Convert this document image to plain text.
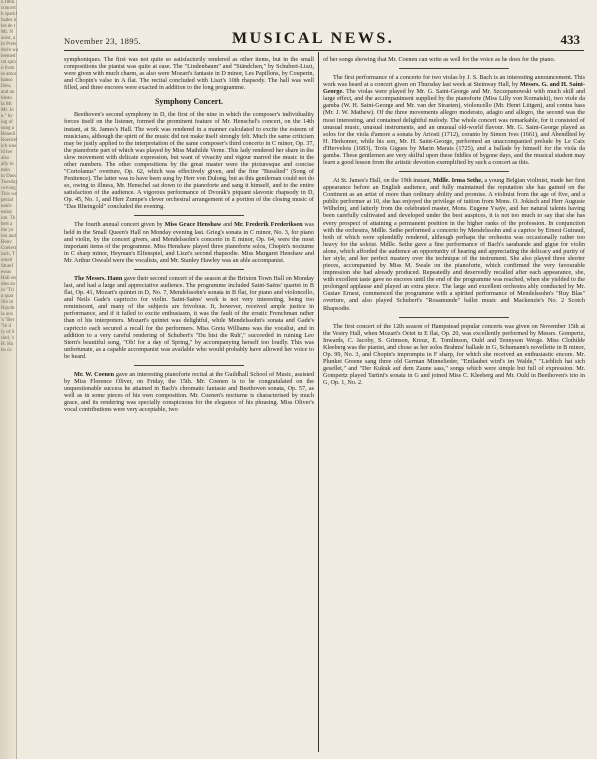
s.1866.
concert
h sparkl
hades ir
les de t
Mr. N
anist, a
lo Prele
dwin wa
leemed
ral spin
o from
re amor
hanso
Dew,
and an
bleau
la Mc
Mr. Jo
e," by
ing of
sung a
Benedi
Roeckel
ich was
ld her
also
ally in
nnin
to Dass
Tuesday
ceiving
This we
pecial
uaulv
esday
ion. Th
bert a
the yo
ion and
Bouv
Coelest
inch, T
onied
Stranf
ewas
Hall on
dies an
in "Tri
a quar
ifio in
Haydn
ia aux
's "Ber
"In d
ly of S
ried, 's
H. Ha
he co
November 23, 1895.	MUSICAL NEWS.	433

symphoniques. The first was not quite so satisfactorily rendered as other items, but in the small compositions the pianist was quite at ease. The "Lindenbaum" and "Ständchen," by Schubert-Liszt, were given with much charm, as also were Mozart's fantasie in D minor, Les Papillons, by Couperin, and Chopin's valse in A flat. The recital concluded with Liszt's 10th rhapsody. The hall was well filled, and three encores were exacted in addition to the long programme.

Symphony Concert.

Beethoven's second symphony in D, the first of the nine in which the composer's individuality forces itself on the listener, formed the prominent feature of Mr. Henschel's concert, on the 14th instant, at St. James's Hall. The work was rendered in a manner calculated to excite the esteem of musicians, although the spirit of the music did not make itself strongly felt. Much the same criticism may be justly applied to the interpretation of the same composer's third concerto in C minor, Op. 37, the pianoforte part of which was played by Miss Mathilde Verne. This lady rendered her share in the slow movement with delicate expression, but want of vivacity and vigour marred the music in the other numbers. The other compositions by the great master were the picturesque and concise "Coriolanus" overture, Op. 62, which was effectively given, and the fine "Busslied" (Song of Penitence). The latter was to have been sung by Herr von Dulong, but as this gentleman could not do so, owing to illness, Mr. Henschel sat down to the pianoforte and sang it himself, and to the entire satisfaction of the audience. A vigorous performance of Dvorák's piquant slavonic rhapsody in D, Op. 45, No. 1, and Herr Zumpe's clever orchestral arrangement of a portion of the closing music of "Das Rheingold" concluded the evening.

The fourth annual concert given by Miss Grace Henshaw and Mr. Frederik Frederiksen was held in the Small Queen's Hall on Monday evening last. Grieg's sonata in C minor, No. 3, for piano and violin, by the concert givers, and Mendelssohn's concerto in E minor, Op. 64, were the most important items of the programme. Miss Henshaw played three pianoforte solos, Chopin's nocturne in C sharp minor, Heyman's Elfenspiel, and Liszt's second rhapsodie. Miss Margaret Henshaw and Mr. Arthur Oswald were the vocalists, and Mr. Stanley Hawley was an able accompanist.

The Messrs. Hann gave their second concert of the season at the Brixton Town Hall on Monday last, and had a large and appreciative audience. The programme included Saint-Saëns' quartet in B flat, Op. 41, Mozart's quintet in D, No. 7, Mendelssohn's sonata in B flat, for piano and violoncello, and Neils Gade's capriccio for violin. Saint-Saëns' work is not very interesting, being too reminiscent, and many of the subjects are frivolous. It, however, received ample justice in performance, and if it failed to excite enthusiasm, it was the fault of the erratic Frenchman rather than of his interpreters. Mozart's quintet was delightful, while Mendelssohn's sonata and Gade's capriccio each secured a recall for the performers. Miss Greta Williams was the vocalist, and in addition to a very careful rendering of Schubert's "Du bist die Ruh'," succeeded in ruining Leo Stern's beautiful song, "Oh! for a day of Spring," by accompanying herself too loudly. This was unfortunate, as a capable accompanist was available who would probably have allowed her voice to be heard.

Mr. W. Coenen gave an interesting pianoforte recital at the Guildhall School of Music, assisted by Miss Florence Oliver, on Friday, the 15th. Mr. Coenen is to be congratulated on the unquestionable success he attained in Bach's chromatic fantasie and Beethoven sonata, Op. 57, as well as in some pieces of his own composition. Mr. Coenen's nocturne is characterised by much grace, and its rendering was specially conspicuous for the elegance of his phrasing. Miss Oliver's vocal contributions were very acceptable, two

of her songs showing that Mr. Coenen can write as well for the voice as he does for the piano.

The first performance of a concerto for two violas by J. S. Bach is an interesting announcement. This work was heard at a concert given on Thursday last week at Steinway Hall, by Messrs. G. and H. Saint-George. The violas were played by Mr. G. Saint-George and Mr. Szczepanowski with much skill and large effect, and the accompaniment supplied by the pianoforte (Miss Lilly von Kornatski), two viole da gamba (W. H. Saint-George and Mr. van der Straeten), violoncello (Mr. Henri Lütgen), and contra bass (Mr. J. W. Mathew). Of the three movements allegro moderato, adagio and allegro, the second was the most interesting, and contained delightful melody. The whole concert was remarkable, for it consisted of unusual music, unusual instruments, and an unusual old-world flavour. Mr. G. Saint-George played as solos for the viola d'amore a sonata by Ariosti (1712), coranto by Simon Ives (1661), and Abendlied by H. Herkomer, while his son, Mr. H. Saint-George, performed an unaccompanied prelude by Le Caix d'Hervelois (1683), Trois Gigues by Marin Marais (1725), and a ballade by himself for the viola da gamba. These gentlemen are very skilful upon these fiddles of bygone days, and the musical student may learn a good lesson from the artistic devotion exemplified by such a concert as this.

At St. James's Hall, on the 19th instant, Mdlle. Irma Sethe, a young Belgian violinist, made her first appearance before an English audience, and fully maintained the reputation she has gained on the Continent as an artist of more than ordinary ability and promise. A violinist from the age of five, and a public performer at 10, she has enjoyed the privilege of tuition from Mons. O. Jokisch and Herr Auguste Wilhelmj, and latterly from the celebrated master, Mons. Eugene Ysaÿe, and her natural talents having been carefully cultivated and developed under the best auspices, it is not too much to say that she has every prospect of attaining a permanent position in the higher ranks of the profession. In conjunction with the orchestra, Mdlle. Sethe performed a concerto by Mendelssohn and a caprice by Ernest Guiraud, both of which were splendidly rendered, although perhaps the orchestra was occasionally rather too heavy for the soloist. Mdlle. Sethe gave a fine performance of Bach's sarabande and gigue for violin alone, which afforded the audience an opportunity of hearing and appreciating the delicacy and purity of her style, and her perfect mastery over the technique of the instrument. She also played three shorter pieces, accompanied by Miss M. Swale on the pianoforte, which confirmed the very favourable impression she had already produced. Repeatedly and deservedly recalled after each appearance, she, with excellent taste gave no encores until the end of the programme was reached, when she yielded to the prolonged applause and played an extra piece. The large and excellent orchestra ably conducted by Mr. Gustav Ernest, commenced the programme with a spirited performance of Mendelssohn's "Ruy Blas" overture, and also played Schubert's "Rosamunde" ballet music and Mackenzie's No. 2 Scotch Rhapsodie.

The first concert of the 12th season of Hampstead popular concerts was given on November 15th at the Vestry Hall, when Mozart's Octet in E flat, Op. 20, was excellently performed by Messrs. Gompertz, Inwards, C. Jacoby, S. Grimson, Kreuz, E. Tomlinson, Ould and Tennyson Werge. Miss Clothilde Kleeberg was the pianist, and chose as her solos Brahms' ballade in G, Schumann's novellette in B minor, Op. 99, No. 3, and Chopin's impromptu in F sharp, for which she received an enthusiastic encore. Mr. Plunket Greene sang three old German Minnelieder, "Entlaubet wird's im Walde," "Lieblich hat sich gesellet," and "Der Kukuk auf dem Zaune sass," songs which were simple but full of expression. Mr. Gompertz played Tartini's sonata in G and joined Miss C. Kleeberg and Mr. Ould in Beethoven's trio in G, Op. 1, No. 2.
